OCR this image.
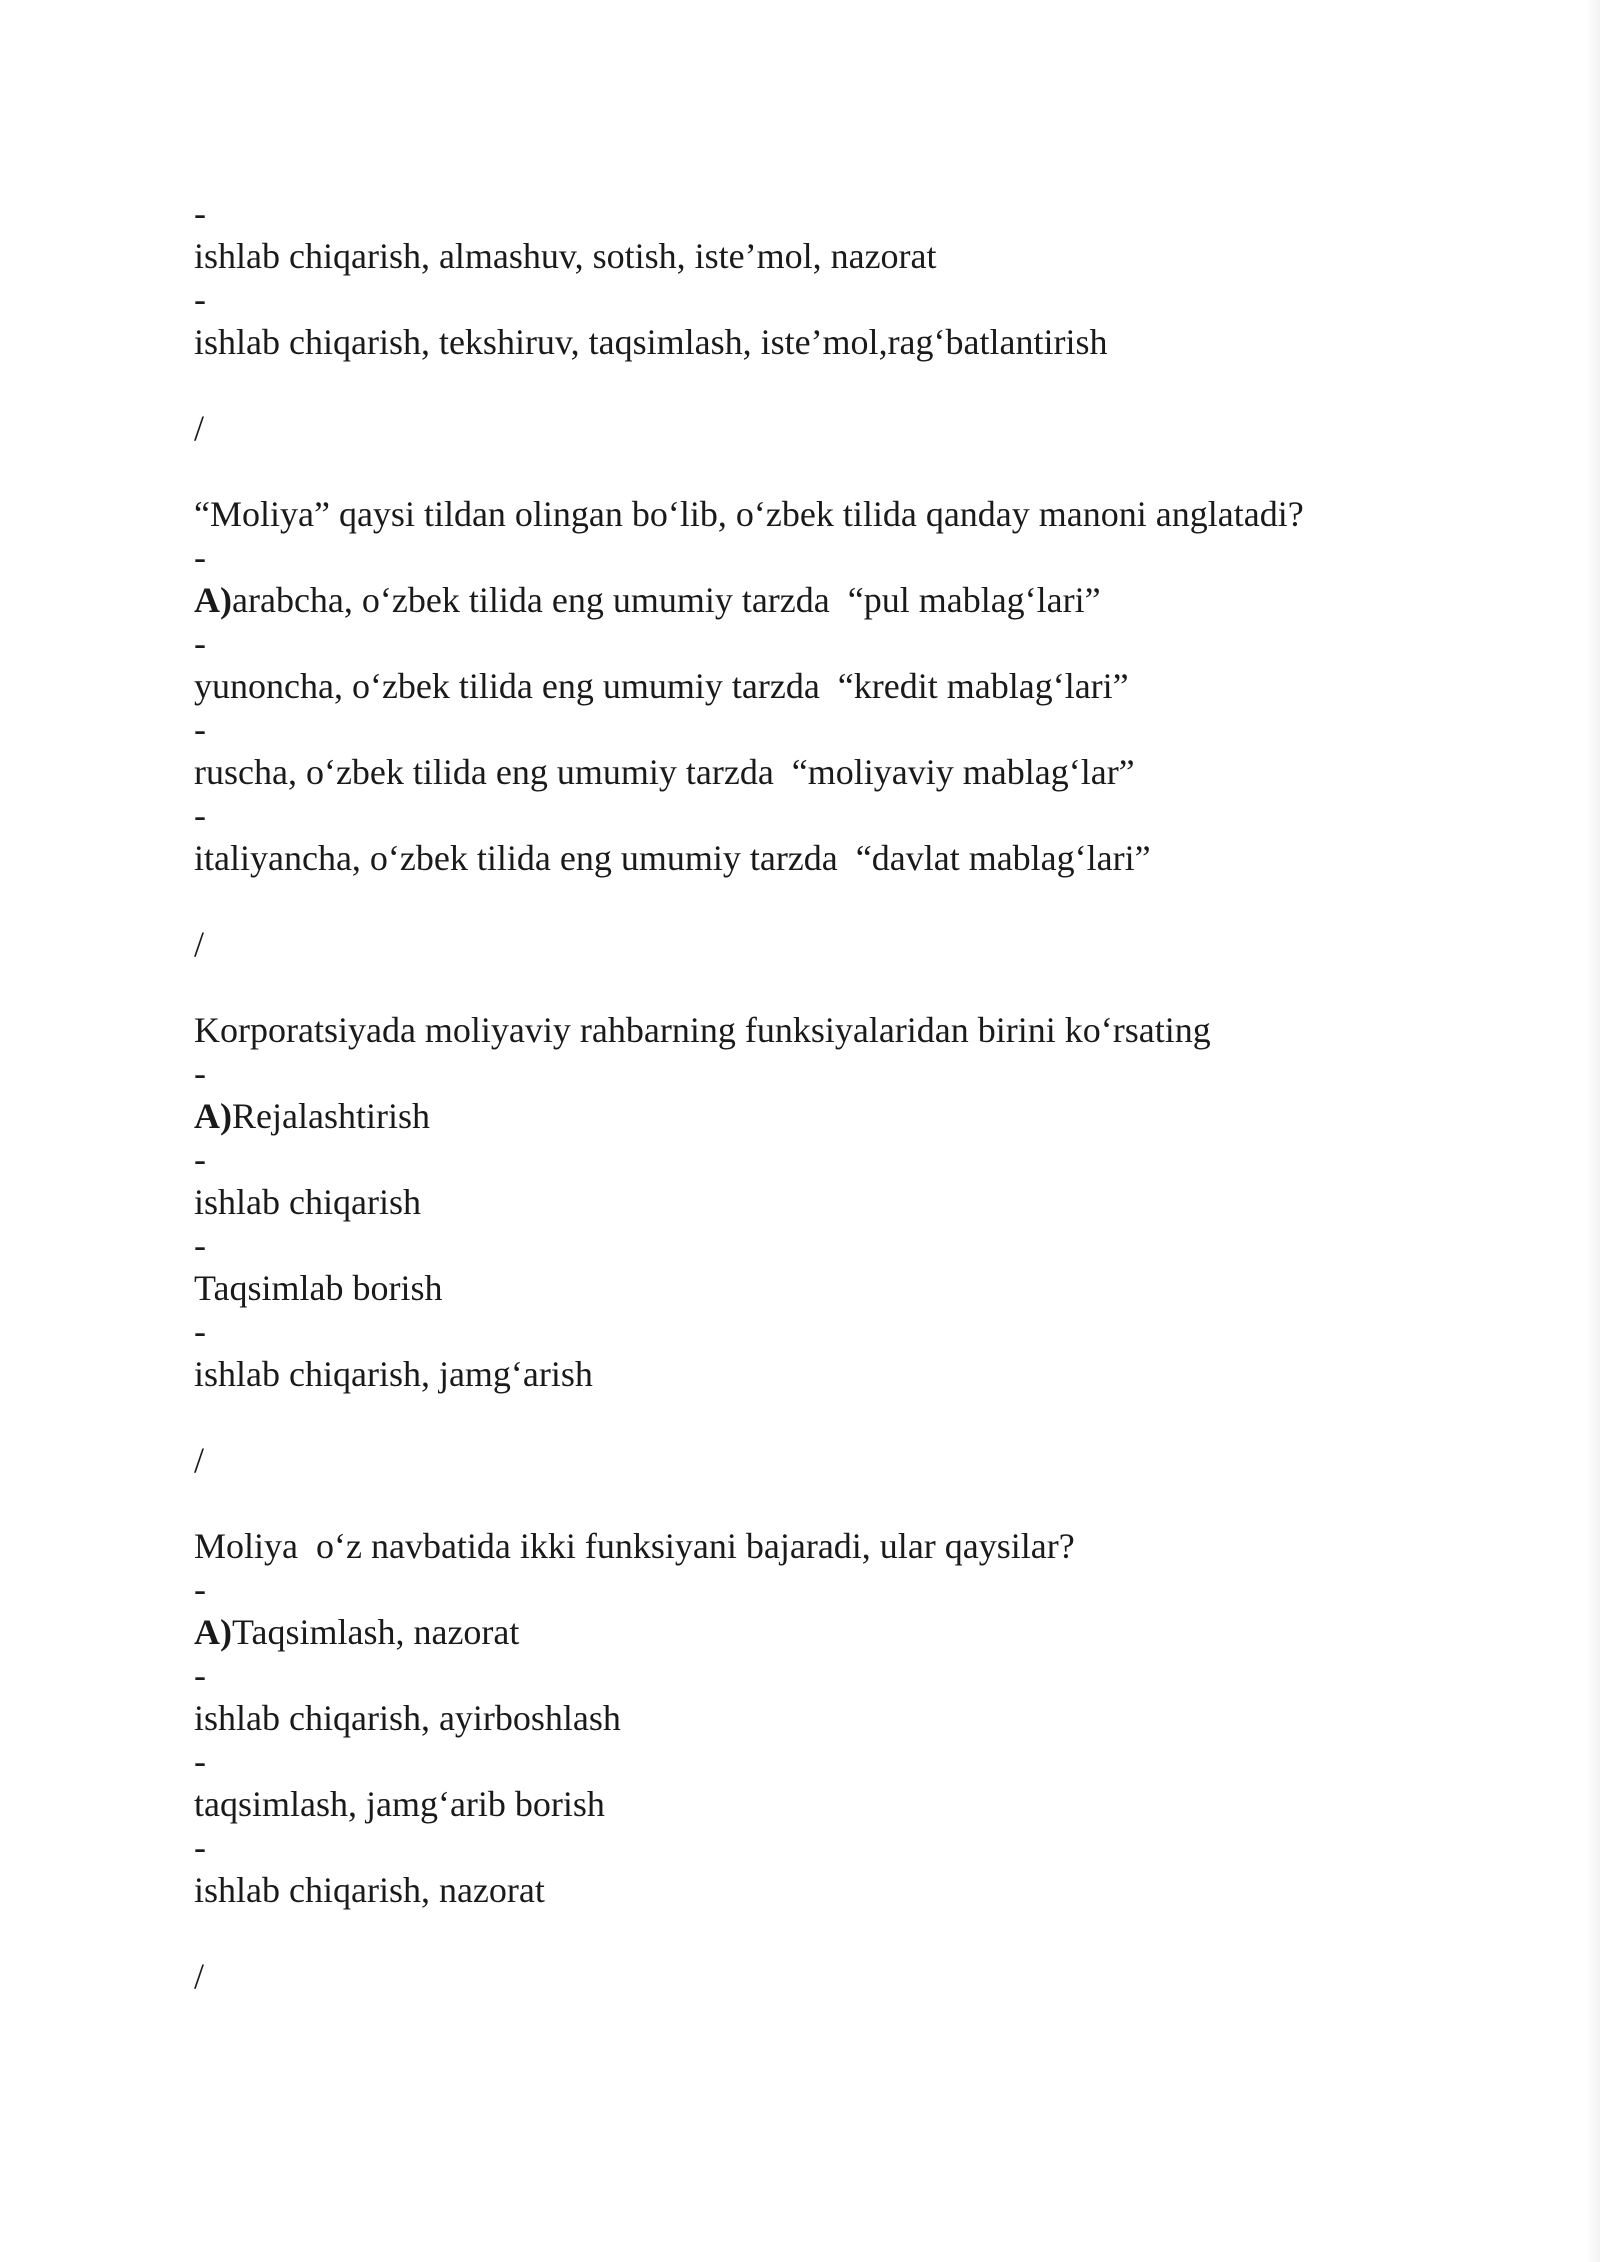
-

ishlab chiqarish, almashuv, sotish, iste’mol, nazorat

-

ishlab chiqarish, tekshiruv, taqsimlash, iste’mol,rag‘batlantirish

/

“Moliya” qaysi tildan olingan bo‘lib, o‘zbek tilida qanday manoni anglatadi?

-

A)arabcha, o‘zbek tilida eng umumiy tarzda  “pul mablag‘lari”

-

yunoncha, o‘zbek tilida eng umumiy tarzda  “kredit mablag‘lari”

-

ruscha, o‘zbek tilida eng umumiy tarzda  “moliyaviy mablag‘lar”

-

italiyancha, o‘zbek tilida eng umumiy tarzda  “davlat mablag‘lari”

/

Korporatsiyada moliyaviy rahbarning funksiyalaridan birini ko‘rsating

-

A)Rejalashtirish

-

ishlab chiqarish

-

Taqsimlab borish

-

ishlab chiqarish, jamg‘arish

/

Moliya  o‘z navbatida ikki funksiyani bajaradi, ular qaysilar?

-

A)Taqsimlash, nazorat

-

ishlab chiqarish, ayirboshlash

-

taqsimlash, jamg‘arib borish

-

ishlab chiqarish, nazorat

/
